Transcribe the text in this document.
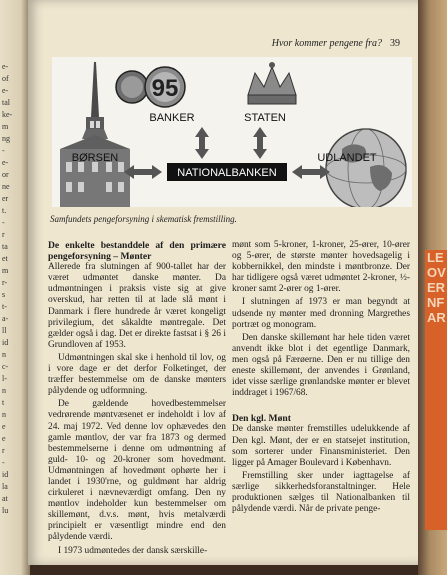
e-
of
e-
tal
ke-
m
ng
-
e-
or
ne
er
t.
-
r
ta
et
m
r-
s
t-
a-
ll
id
n
c-
l-
n
t
n
e
e
r
-
id
la
at
lu
LE
OV
ER
NF
AR
Hvor kommer pengene fra? 39
95
BANKER	STATEN
BØRSEN	UDLANDET
NATIONALBANKEN
Samfundets pengeforsyning i skematisk fremstilling.
De enkelte bestanddele af den primære pengeforsyning – Mønter

Allerede fra slutningen af 900-tallet har der været udmøntet danske mønter. Da udmøntningen i praksis viste sig at give overskud, har retten til at lade slå mønt i Danmark i flere hundrede år været kongeligt privilegium, det såkaldte møntregale. Det gælder også i dag. Det er direkte fastsat i § 26 i Grundloven af 1953.

Udmøntningen skal ske i henhold til lov, og i vore dage er det derfor Folketinget, der træffer bestemmelse om de danske mønters pålydende og udformning.

De gældende hovedbestemmelser vedrørende møntvæsenet er indeholdt i lov af 24. maj 1972. Ved denne lov ophævedes den gamle møntlov, der var fra 1873 og dermed bestemmelserne i denne om udmøntning af guld- 10- og 20-kroner som hovedmønt. Udmøntningen af hovedmønt ophørte her i landet i 1930'rne, og guldmønt har aldrig cirkuleret i nævneværdigt omfang. Den ny møntlov indeholder kun bestemmelser om skillemønt, d.v.s. mønt, hvis metalværdi principielt er væsentligt mindre end den pålydende værdi.

I 1973 udmøntedes der dansk særskille-

mønt som 5-kroner, 1-kroner, 25-ører, 10-ører og 5-ører, de største mønter hovedsagelig i kobbernikkel, den mindste i møntbronze. Der har tidligere også været udmøntet 2-kroner, ½-kroner samt 2-ører og 1-ører.

I slutningen af 1973 er man begyndt at udsende ny mønter med dronning Margrethes portræt og monogram.

Den danske skillemønt har hele tiden været anvendt ikke blot i det egentlige Danmark, men også på Færøerne. Den er nu tillige den eneste skillemønt, der anvendes i Grønland, idet visse særlige grønlandske mønter er blevet inddraget i 1967/68.

Den kgl. Mønt

De danske mønter fremstilles udelukkende af Den kgl. Mønt, der er en statsejet institution, som sorterer under Finansministeriet. Den ligger på Amager Boulevard i København.

Fremstilling sker under iagttagelse af særlige sikkerhedsforanstaltninger. Hele produktionen sælges til Nationalbanken til pålydende værdi. Når de private penge-
